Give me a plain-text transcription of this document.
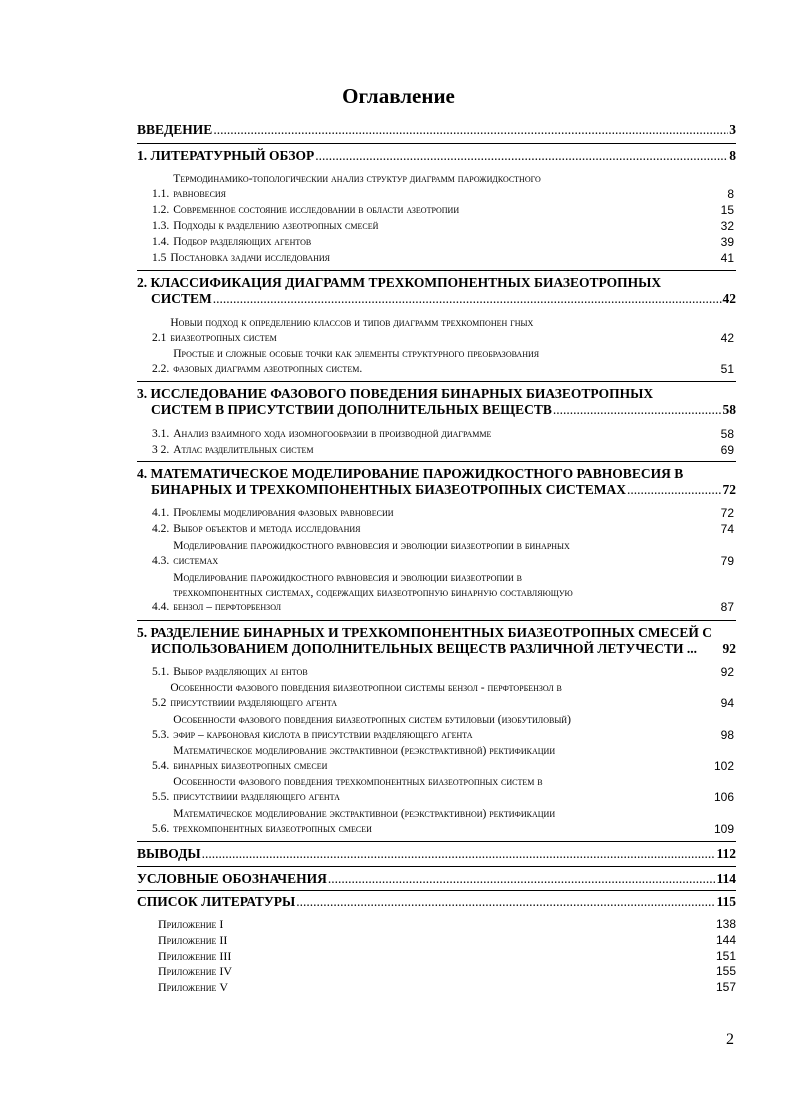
Оглавление
ВВЕДЕНИЕ .....	3
1. ЛИТЕРАТУРНЫЙ ОБЗОР .....	8
1.1.
Термодинамико-топологическии анализ структур диаграмм парожидкостного
равновесия	8
1.2. Современное состояние исследовании в области азеотропии	15
1.3. Подходы к разделению азеотропных смесей	32
1.4. Подбор разделяющих агентов	39
1.5 Постановка задачи исследования	41
2. КЛАССИФИКАЦИЯ ДИАГРАММ ТРЕХКОМПОНЕНТНЫХ БИАЗЕОТРОПНЫХ
СИСТЕМ .....	42
2.1
Новыи подход к определению классов и типов диаграмм трехкомпонен гных
биазеотропных систем	42
2.2.
Простые и сложные особые точки как элементы структурного преобразования
фазовых диаграмм азеотропных систем.	51
3. ИССЛЕДОВАНИЕ ФАЗОВОГО ПОВЕДЕНИЯ БИНАРНЫХ БИАЗЕОТРОПНЫХ
СИСТЕМ В ПРИСУТСТВИИ ДОПОЛНИТЕЛЬНЫХ ВЕЩЕСТВ .....	58
3.1. Анализ взаимного хода изомногообразии в производной диаграмме	58
3 2. Атлас разделительных систем	69
4. МАТЕМАТИЧЕСКОЕ МОДЕЛИРОВАНИЕ ПАРОЖИДКОСТНОГО РАВНОВЕСИЯ В
БИНАРНЫХ И ТРЕХКОМПОНЕНТНЫХ БИАЗЕОТРОПНЫХ СИСТЕМАХ .....	72
4.1. Проблемы моделирования фазовых равновесии	72
4.2. Выбор объектов и метода исследования	74
4.3.
Моделирование парожидкостного равновесия и эволюции биазеотропии в бинарных
системах	79
4.4.
Моделирование парожидкостного равновесия и эволюции биазеотропии в
трехкомпонентных системах, содержащих биазеотропную бинарную составляющую
бензол – перфторбензол	87
5. РАЗДЕЛЕНИЕ БИНАРНЫХ И ТРЕХКОМПОНЕНТНЫХ БИАЗЕОТРОПНЫХ СМЕСЕЙ С
ИСПОЛЬЗОВАНИЕМ ДОПОЛНИТЕЛЬНЫХ ВЕЩЕСТВ РАЗЛИЧНОЙ ЛЕТУЧЕСТИ ... 92
5.1. Выбор разделяющих аі ентов	92
5.2
Особенности фазового поведения биазеотропнои системы бензол - перфторбензол в
присутствиии разделяющего агента	94
5.3.
Особенности фазового поведения биазеотропных систем бутиловыи (изобутиловый)
эфир – карбоновая кислота в присутствии разделяющего агента	98
5.4.
Математическое моделирование экстрактивнои (реэкстрактивной) ректификации
бинарных биазеотропных смесеи	102
5.5.
Особенности фазового поведения трехкомпонентных биазеотропных систем в
присутствиии разделяющего агента	106
5.6.
Математическое моделирование экстрактивнои (реэкстрактивнои) ректификации
трехкомпонентных биазеотропных смесеи	109
ВЫВОДЫ .....	112
УСЛОВНЫЕ ОБОЗНАЧЕНИЯ .....	114
СПИСОК ЛИТЕРАТУРЫ .....	115
Приложение I	138
Приложение II	144
Приложение III	151
Приложение IV	155
Приложение V	157
2
